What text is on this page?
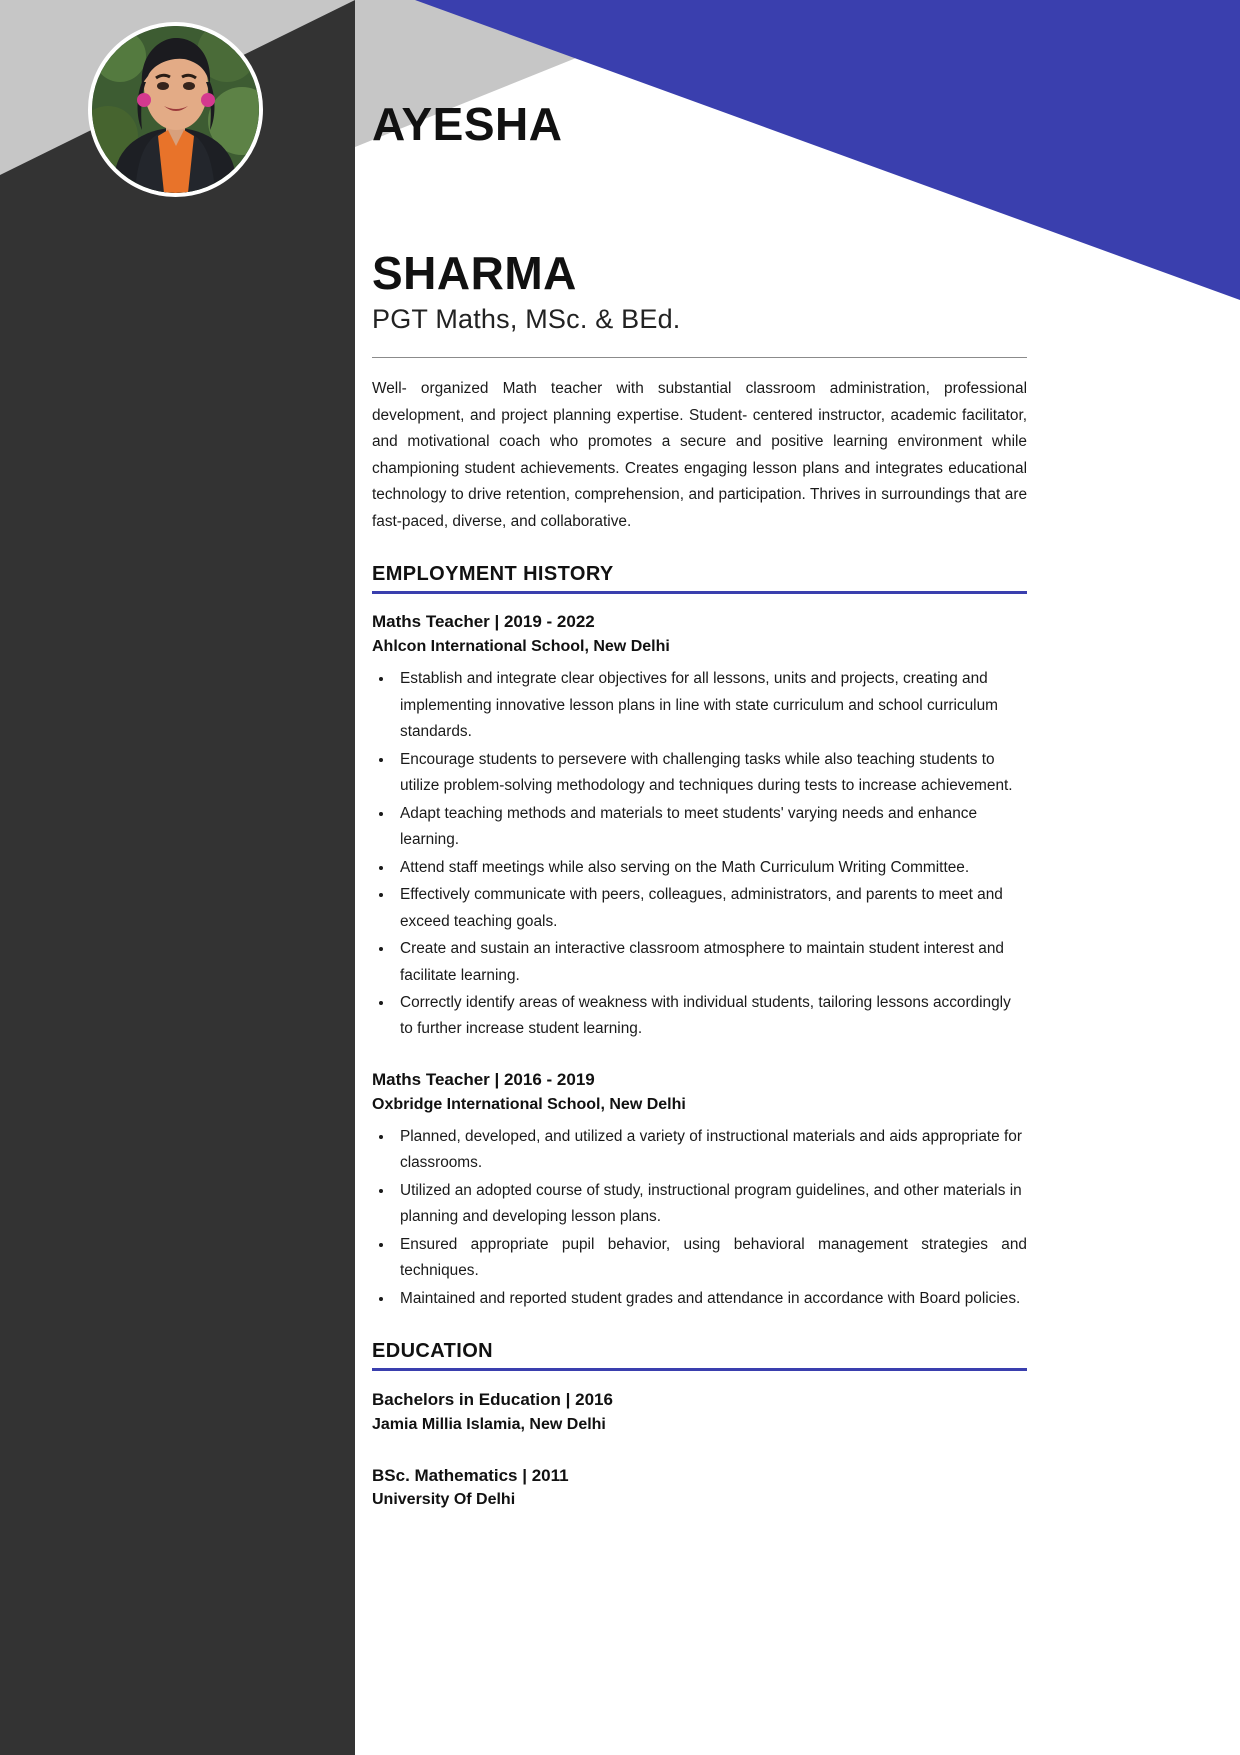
AYESHA
SHARMA
PGT Maths, MSc. & BEd.
Well- organized Math teacher with substantial classroom administration, professional development, and project planning expertise. Student- centered instructor, academic facilitator, and motivational coach who promotes a secure and positive learning environment while championing student achievements. Creates engaging lesson plans and integrates educational technology to drive retention, comprehension, and participation. Thrives in surroundings that are fast-paced, diverse, and collaborative.
EMPLOYMENT HISTORY
Maths Teacher | 2019 - 2022
Ahlcon International School, New Delhi
• Establish and integrate clear objectives for all lessons, units and projects, creating and implementing innovative lesson plans in line with state curriculum and school curriculum standards.
• Encourage students to persevere with challenging tasks while also teaching students to utilize problem-solving methodology and techniques during tests to increase achievement.
• Adapt teaching methods and materials to meet students' varying needs and enhance learning.
• Attend staff meetings while also serving on the Math Curriculum Writing Committee.
• Effectively communicate with peers, colleagues, administrators, and parents to meet and exceed teaching goals.
• Create and sustain an interactive classroom atmosphere to maintain student interest and facilitate learning.
• Correctly identify areas of weakness with individual students, tailoring lessons accordingly to further increase student learning.
Maths Teacher | 2016 - 2019
Oxbridge International School, New Delhi
• Planned, developed, and utilized a variety of instructional materials and aids appropriate for classrooms.
• Utilized an adopted course of study, instructional program guidelines, and other materials in planning and developing lesson plans.
• Ensured appropriate pupil behavior, using behavioral management strategies and techniques.
• Maintained and reported student grades and attendance in accordance with Board policies.
EDUCATION
Bachelors in Education | 2016
Jamia Millia Islamia, New Delhi
BSc. Mathematics | 2011
University Of Delhi
